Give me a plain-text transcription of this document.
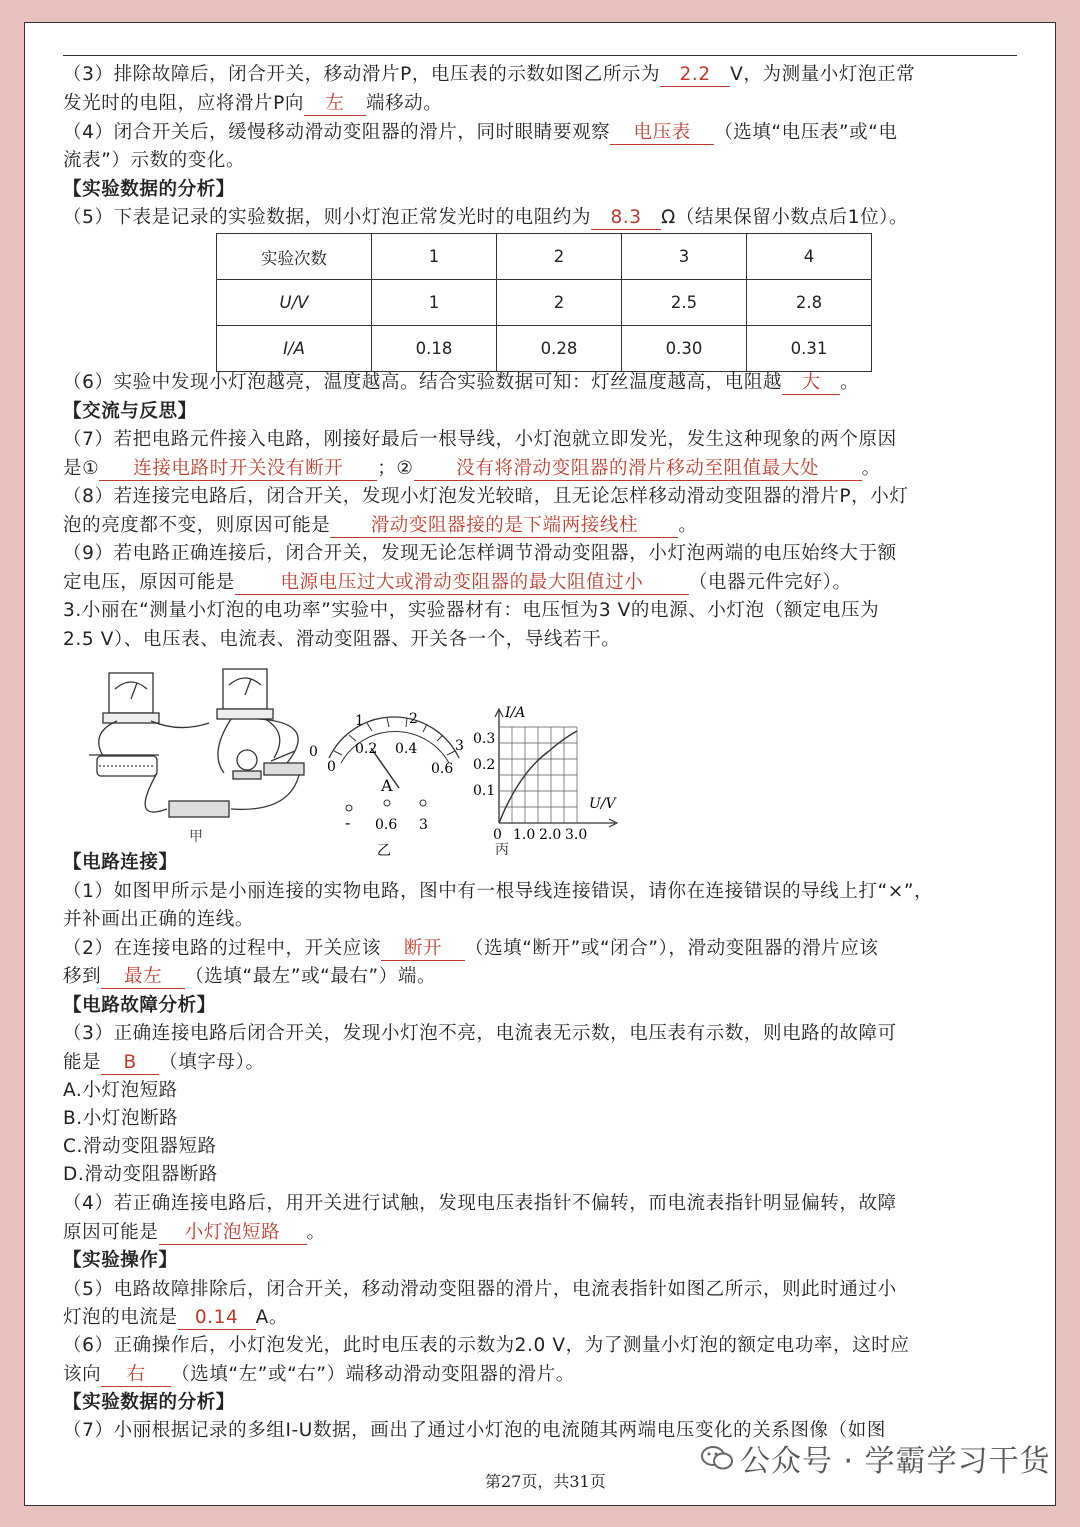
（3）排除故障后，闭合开关，移动滑片P，电压表的示数如图乙所示为 2.2 V，为测量小灯泡正常
发光时的电阻，应将滑片P向 左 端移动。
（4）闭合开关后，缓慢移动滑动变阻器的滑片，同时眼睛要观察 电压表 （选填“电压表”或“电
流表”）示数的变化。
【实验数据的分析】
（5）下表是记录的实验数据，则小灯泡正常发光时的电阻约为 8.3 Ω（结果保留小数点后1位）。
实验次数	1	2	3	4
U/V	1	2	2.5	2.8
I/A	0.18	0.28	0.30	0.31
（6）实验中发现小灯泡越亮，温度越高。结合实验数据可知：灯丝温度越高，电阻越 大 。
【交流与反思】
（7）若把电路元件接入电路，刚接好最后一根导线，小灯泡就立即发光，发生这种现象的两个原因
是① 连接电路时开关没有断开 ；② 没有将滑动变阻器的滑片移动至阻值最大处 。
（8）若连接完电路后，闭合开关，发现小灯泡发光较暗，且无论怎样移动滑动变阻器的滑片P，小灯
泡的亮度都不变，则原因可能是 滑动变阻器接的是下端两接线柱 。
（9）若电路正确连接后，闭合开关，发现无论怎样调节滑动变阻器，小灯泡两端的电压始终大于额
定电压，原因可能是 电源电压过大或滑动变阻器的最大阻值过小 （电器元件完好）。
3.小丽在“测量小灯泡的电功率”实验中，实验器材有：电压恒为3 V的电源、小灯泡（额定电压为
2.5 V）、电压表、电流表、滑动变阻器、开关各一个，导线若干。
甲
0
1	2
3
0
0.2 0.4
0.6
A
- 0.6 3
乙
I/A
U/V
0.3
0.2
0.1
0 1.0 2.0 3.0
丙
【电路连接】
（1）如图甲所示是小丽连接的实物电路，图中有一根导线连接错误，请你在连接错误的导线上打“×”，
并补画出正确的连线。
（2）在连接电路的过程中，开关应该 断开 （选填“断开”或“闭合”），滑动变阻器的滑片应该
移到 最左 （选填“最左”或“最右”）端。
【电路故障分析】
（3）正确连接电路后闭合开关，发现小灯泡不亮，电流表无示数，电压表有示数，则电路的故障可
能是 B （填字母）。
A.小灯泡短路
B.小灯泡断路
C.滑动变阻器短路
D.滑动变阻器断路
（4）若正确连接电路后，用开关进行试触，发现电压表指针不偏转，而电流表指针明显偏转，故障
原因可能是 小灯泡短路 。
【实验操作】
（5）电路故障排除后，闭合开关，移动滑动变阻器的滑片，电流表指针如图乙所示，则此时通过小
灯泡的电流是 0.14 A。
（6）正确操作后，小灯泡发光，此时电压表的示数为2.0 V，为了测量小灯泡的额定电功率，这时应
该向 右 （选填“左”或“右”）端移动滑动变阻器的滑片。
【实验数据的分析】
（7）小丽根据记录的多组I-U数据，画出了通过小灯泡的电流随其两端电压变化的关系图像（如图
第27页，共31页
公众号 · 学霸学习干货
